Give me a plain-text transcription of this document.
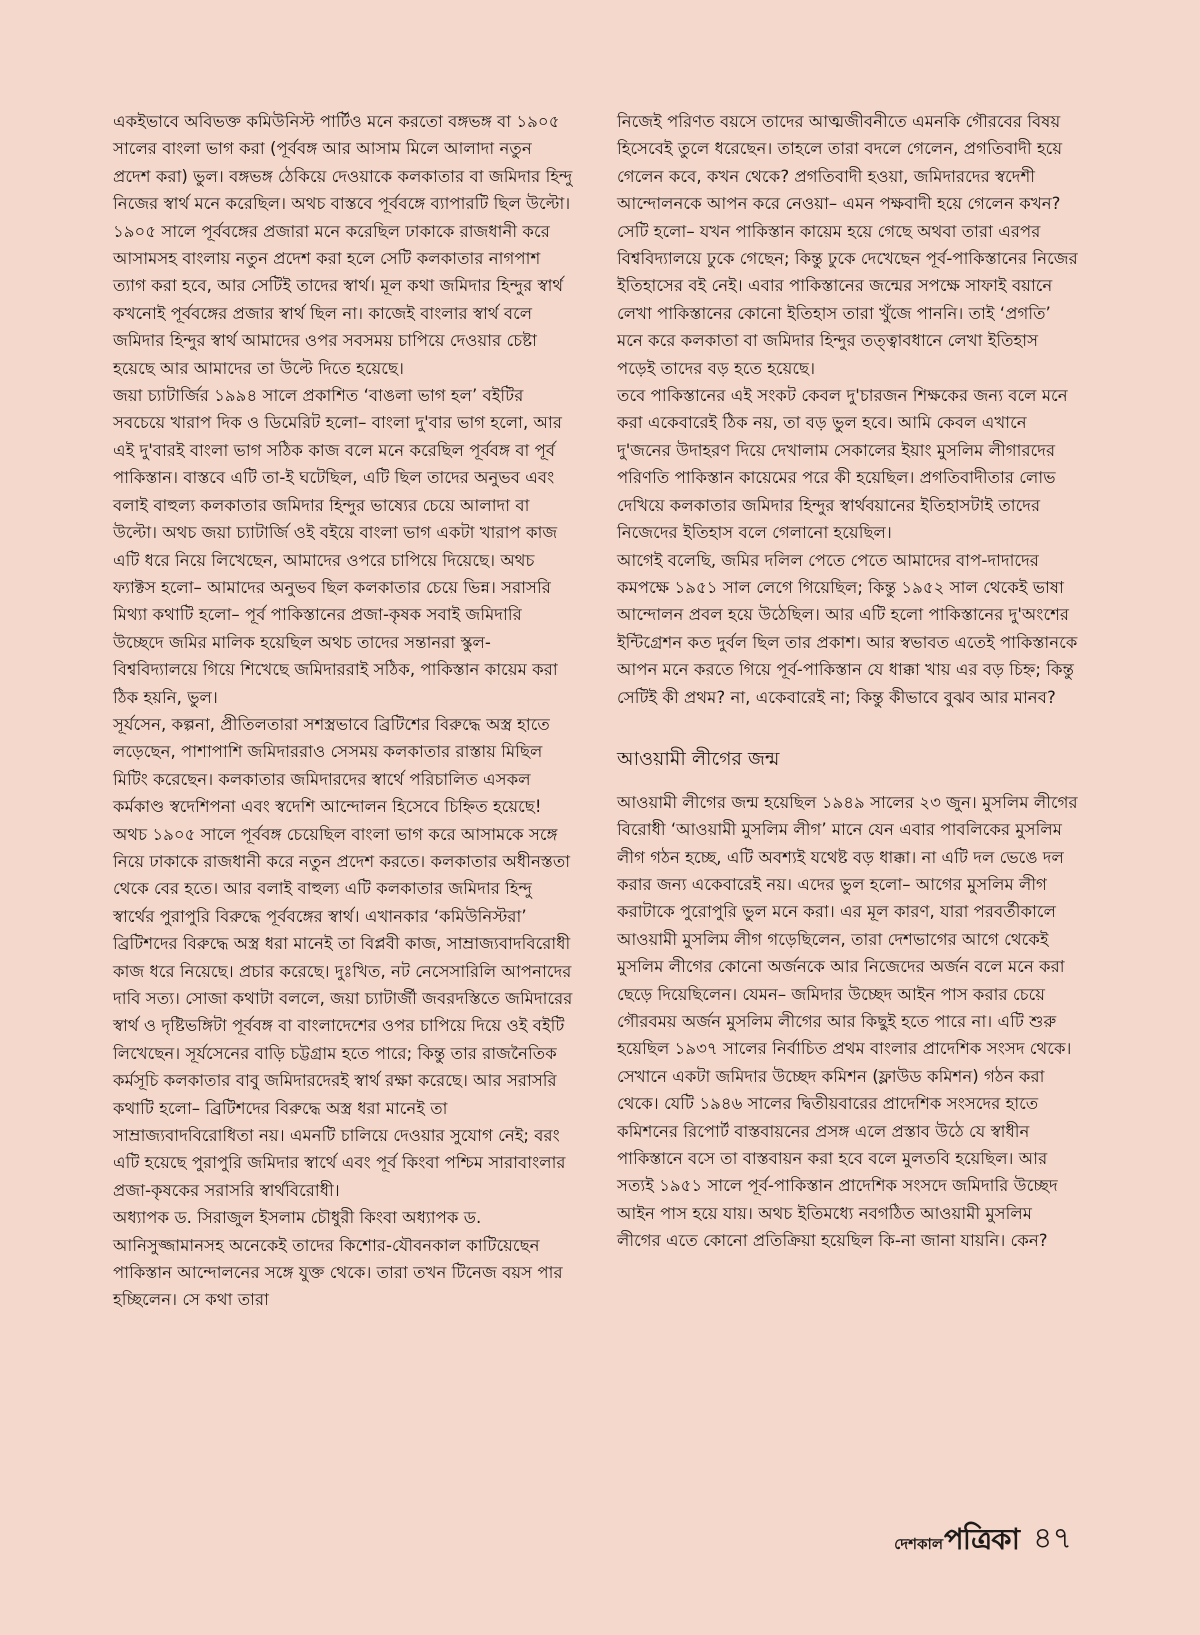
একইভাবে অবিভক্ত কমিউনিস্ট পার্টিও মনে করতো বঙ্গভঙ্গ বা ১৯০৫ সালের বাংলা ভাগ করা (পূর্ববঙ্গ আর আসাম মিলে আলাদা নতুন প্রদেশ করা) ভুল। বঙ্গভঙ্গ ঠেকিয়ে দেওয়াকে কলকাতার বা জমিদার হিন্দু নিজের স্বার্থ মনে করেছিল। অথচ বাস্তবে পূর্ববঙ্গে ব্যাপারটি ছিল উল্টো। ১৯০৫ সালে পূর্ববঙ্গের প্রজারা মনে করেছিল ঢাকাকে রাজধানী করে আসামসহ বাংলায় নতুন প্রদেশ করা হলে সেটি কলকাতার নাগপাশ ত্যাগ করা হবে, আর সেটিই তাদের স্বার্থ। মূল কথা জমিদার হিন্দুর স্বার্থ কখনোই পূর্ববঙ্গের প্রজার স্বার্থ ছিল না। কাজেই বাংলার স্বার্থ বলে জমিদার হিন্দুর স্বার্থ আমাদের ওপর সবসময় চাপিয়ে দেওয়ার চেষ্টা হয়েছে আর আমাদের তা উল্টে দিতে হয়েছে।

জয়া চ্যাটার্জির ১৯৯৪ সালে প্রকাশিত ‘বাঙলা ভাগ হল’ বইটির সবচেয়ে খারাপ দিক ও ডিমেরিট হলো– বাংলা দু'বার ভাগ হলো, আর এই দু'বারই বাংলা ভাগ সঠিক কাজ বলে মনে করেছিল পূর্ববঙ্গ বা পূর্ব পাকিস্তান। বাস্তবে এটি তা-ই ঘটেছিল, এটি ছিল তাদের অনুভব এবং বলাই বাহুল্য কলকাতার জমিদার হিন্দুর ভাষ্যের চেয়ে আলাদা বা উল্টো। অথচ জয়া চ্যাটার্জি ওই বইয়ে বাংলা ভাগ একটা খারাপ কাজ এটি ধরে নিয়ে লিখেছেন, আমাদের ওপরে চাপিয়ে দিয়েছে। অথচ ফ্যাক্টস হলো– আমাদের অনুভব ছিল কলকাতার চেয়ে ভিন্ন। সরাসরি মিথ্যা কথাটি হলো– পূর্ব পাকিস্তানের প্রজা-কৃষক সবাই জমিদারি উচ্ছেদে জমির মালিক হয়েছিল অথচ তাদের সন্তানরা স্কুল-বিশ্ববিদ্যালয়ে গিয়ে শিখেছে জমিদাররাই সঠিক, পাকিস্তান কায়েম করা ঠিক হয়নি, ভুল।

সূর্যসেন, কল্পনা, প্রীতিলতারা সশস্ত্রভাবে ব্রিটিশের বিরুদ্ধে অস্ত্র হাতে লড়েছেন, পাশাপাশি জমিদাররাও সেসময় কলকাতার রাস্তায় মিছিল মিটিং করেছেন। কলকাতার জমিদারদের স্বার্থে পরিচালিত এসকল কর্মকাণ্ড স্বদেশিপনা এবং স্বদেশি আন্দোলন হিসেবে চিহ্নিত হয়েছে! অথচ ১৯০৫ সালে পূর্ববঙ্গ চেয়েছিল বাংলা ভাগ করে আসামকে সঙ্গে নিয়ে ঢাকাকে রাজধানী করে নতুন প্রদেশ করতে। কলকাতার অধীনস্ততা থেকে বের হতে। আর বলাই বাহুল্য এটি কলকাতার জমিদার হিন্দু স্বার্থের পুরাপুরি বিরুদ্ধে পূর্ববঙ্গের স্বার্থ। এখানকার ‘কমিউনিস্টরা’ ব্রিটিশদের বিরুদ্ধে অস্ত্র ধরা মানেই তা বিপ্লবী কাজ, সাম্রাজ্যবাদবিরোধী কাজ ধরে নিয়েছে। প্রচার করেছে। দুঃখিত, নট নেসেসারিলি আপনাদের দাবি সত্য। সোজা কথাটা বললে, জয়া চ্যাটার্জী জবরদস্তিতে জমিদারের স্বার্থ ও দৃষ্টিভঙ্গিটা পূর্ববঙ্গ বা বাংলাদেশের ওপর চাপিয়ে দিয়ে ওই বইটি লিখেছেন। সূর্যসেনের বাড়ি চট্টগ্রাম হতে পারে; কিন্তু তার রাজনৈতিক কর্মসূচি কলকাতার বাবু জমিদারদেরই স্বার্থ রক্ষা করেছে। আর সরাসরি কথাটি হলো– ব্রিটিশদের বিরুদ্ধে অস্ত্র ধরা মানেই তা সাম্রাজ্যবাদবিরোধিতা নয়। এমনটি চালিয়ে দেওয়ার সুযোগ নেই; বরং এটি হয়েছে পুরাপুরি জমিদার স্বার্থে এবং পূর্ব কিংবা পশ্চিম সারাবাংলার প্রজা-কৃষকের সরাসরি স্বার্থবিরোধী।

অধ্যাপক ড. সিরাজুল ইসলাম চৌধুরী কিংবা অধ্যাপক ড. আনিসুজ্জামানসহ অনেকেই তাদের কিশোর-যৌবনকাল কাটিয়েছেন পাকিস্তান আন্দোলনের সঙ্গে যুক্ত থেকে। তারা তখন টিনেজ বয়স পার হচ্ছিলেন। সে কথা তারা

নিজেই পরিণত বয়সে তাদের আত্মজীবনীতে এমনকি গৌরবের বিষয় হিসেবেই তুলে ধরেছেন। তাহলে তারা বদলে গেলেন, প্রগতিবাদী হয়ে গেলেন কবে, কখন থেকে? প্রগতিবাদী হওয়া, জমিদারদের স্বদেশী আন্দোলনকে আপন করে নেওয়া– এমন পক্ষবাদী হয়ে গেলেন কখন? সেটি হলো– যখন পাকিস্তান কায়েম হয়ে গেছে অথবা তারা এরপর বিশ্ববিদ্যালয়ে ঢুকে গেছেন; কিন্তু ঢুকে দেখেছেন পূর্ব-পাকিস্তানের নিজের ইতিহাসের বই নেই। এবার পাকিস্তানের জন্মের সপক্ষে সাফাই বয়ানে লেখা পাকিস্তানের কোনো ইতিহাস তারা খুঁজে পাননি। তাই ‘প্রগতি’ মনে করে কলকাতা বা জমিদার হিন্দুর তত্ত্বাবধানে লেখা ইতিহাস পড়েই তাদের বড় হতে হয়েছে।

তবে পাকিস্তানের এই সংকট কেবল দু'চারজন শিক্ষকের জন্য বলে মনে করা একেবারেই ঠিক নয়, তা বড় ভুল হবে। আমি কেবল এখানে দু'জনের উদাহরণ দিয়ে দেখালাম সেকালের ইয়াং মুসলিম লীগারদের পরিণতি পাকিস্তান কায়েমের পরে কী হয়েছিল। প্রগতিবাদীতার লোভ দেখিয়ে কলকাতার জমিদার হিন্দুর স্বার্থবয়ানের ইতিহাসটাই তাদের নিজেদের ইতিহাস বলে গেলানো হয়েছিল।

আগেই বলেছি, জমির দলিল পেতে পেতে আমাদের বাপ-দাদাদের কমপক্ষে ১৯৫১ সাল লেগে গিয়েছিল; কিন্তু ১৯৫২ সাল থেকেই ভাষা আন্দোলন প্রবল হয়ে উঠেছিল। আর এটি হলো পাকিস্তানের দু'অংশের ইন্টিগ্রেশন কত দুর্বল ছিল তার প্রকাশ। আর স্বভাবত এতেই পাকিস্তানকে আপন মনে করতে গিয়ে পূর্ব-পাকিস্তান যে ধাক্কা খায় এর বড় চিহ্ন; কিন্তু সেটিই কী প্রথম? না, একেবারেই না; কিন্তু কীভাবে বুঝব আর মানব?

আওয়ামী লীগের জন্ম

আওয়ামী লীগের জন্ম হয়েছিল ১৯৪৯ সালের ২৩ জুন। মুসলিম লীগের বিরোধী ‘আওয়ামী মুসলিম লীগ’ মানে যেন এবার পাবলিকের মুসলিম লীগ গঠন হচ্ছে, এটি অবশ্যই যথেষ্ট বড় ধাক্কা। না এটি দল ভেঙে দল করার জন্য একেবারেই নয়। এদের ভুল হলো– আগের মুসলিম লীগ করাটাকে পুরোপুরি ভুল মনে করা। এর মূল কারণ, যারা পরবর্তীকালে আওয়ামী মুসলিম লীগ গড়েছিলেন, তারা দেশভাগের আগে থেকেই মুসলিম লীগের কোনো অর্জনকে আর নিজেদের অর্জন বলে মনে করা ছেড়ে দিয়েছিলেন। যেমন– জমিদার উচ্ছেদ আইন পাস করার চেয়ে গৌরবময় অর্জন মুসলিম লীগের আর কিছুই হতে পারে না। এটি শুরু হয়েছিল ১৯৩৭ সালের নির্বাচিত প্রথম বাংলার প্রাদেশিক সংসদ থেকে। সেখানে একটা জমিদার উচ্ছেদ কমিশন (ফ্লাউড কমিশন) গঠন করা থেকে। যেটি ১৯৪৬ সালের দ্বিতীয়বারের প্রাদেশিক সংসদের হাতে কমিশনের রিপোর্ট বাস্তবায়নের প্রসঙ্গ এলে প্রস্তাব উঠে যে স্বাধীন পাকিস্তানে বসে তা বাস্তবায়ন করা হবে বলে মুলতবি হয়েছিল। আর সত্যই ১৯৫১ সালে পূর্ব-পাকিস্তান প্রাদেশিক সংসদে জমিদারি উচ্ছেদ আইন পাস হয়ে যায়। অথচ ইতিমধ্যে নবগঠিত আওয়ামী মুসলিম লীগের এতে কোনো প্রতিক্রিয়া হয়েছিল কি-না জানা যায়নি। কেন?

দেশকাল পত্রিকা ৪৭
